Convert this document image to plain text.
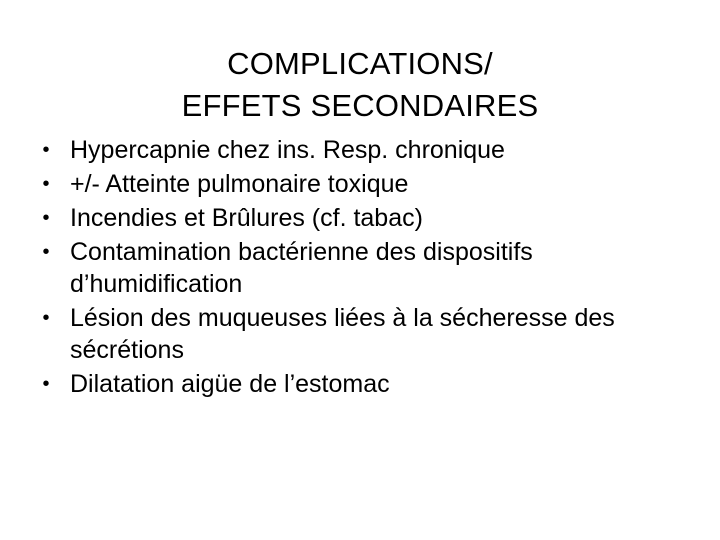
COMPLICATIONS/
EFFETS SECONDAIRES
• Hypercapnie chez ins. Resp. chronique
• +/- Atteinte pulmonaire toxique
• Incendies et Brûlures (cf. tabac)
• Contamination bactérienne des dispositifs d’humidification
• Lésion des muqueuses liées à la sécheresse des sécrétions
• Dilatation aigüe de l’estomac
